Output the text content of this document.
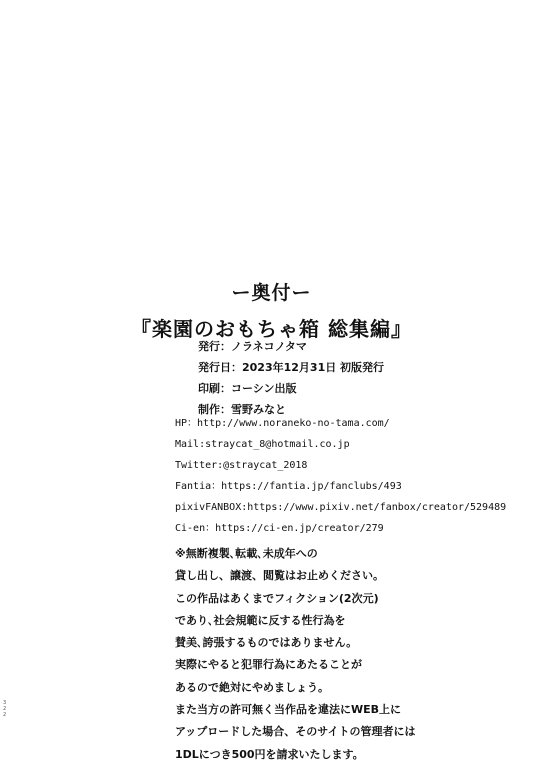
ー奥付ー
『楽園のおもちゃ箱 総集編』
発行：ノラネコノタマ
発行日：2023年12月31日 初版発行
印刷：コーシン出版
制作：雪野みなと
HP：http://www.noraneko-no-tama.com/
Mail:straycat_8@hotmail.co.jp
Twitter:@straycat_2018
Fantia：https://fantia.jp/fanclubs/493
pixivFANBOX:https://www.pixiv.net/fanbox/creator/529489
Ci-en：https://ci-en.jp/creator/279
※無断複製､転載､未成年への
貸し出し、譲渡、閲覧はお止めください。
この作品はあくまでフィクション(2次元)
であり､社会規範に反する性行為を
賛美､誇張するものではありません。
実際にやると犯罪行為にあたることが
あるので絶対にやめましょう。
また当方の許可無く当作品を違法にWEB上に
アップロードした場合、そのサイトの管理者には
1DLにつき500円を請求いたします。
3
2
2
